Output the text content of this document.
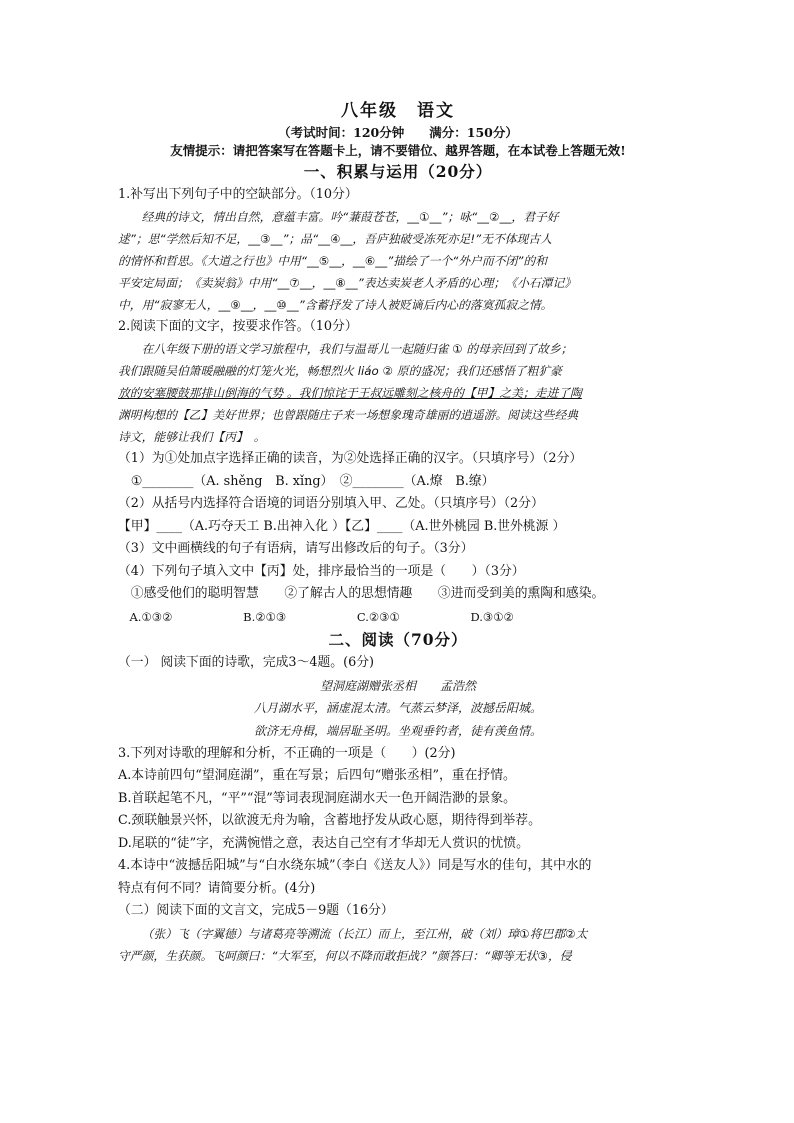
八年级　语文
（考试时间：120分钟　　满分：150分）
友情提示：请把答案写在答题卡上，请不要错位、越界答题，在本试卷上答题无效!
一、积累与运用（20分）
1.补写出下列句子中的空缺部分。（10分）
经典的诗文，情出自然，意蕴丰富。吟“蒹葭苍苍，__①__”；咏“__②__，君子好
逑”；思“学然后知不足，__③__”；品“__④__，吾庐独破受冻死亦足!”无不体现古人
的情怀和哲思。《大道之行也》中用“__⑤__，__⑥__”描绘了一个“外户而不闭”的和
平安定局面；《卖炭翁》中用“__⑦__，__⑧__”表达卖炭老人矛盾的心理；《小石潭记》
中，用“寂寥无人，__⑨__，__⑩__”含蓄抒发了诗人被贬谪后内心的落寞孤寂之情。
2.阅读下面的文字，按要求作答。（10分）
在八年级下册的语文学习旅程中，我们与温哥儿一起随归雀 ① 的母亲回到了故乡；
我们跟随吴伯箫暖融融的灯笼火光，畅想烈火 liáo ② 原的盛况；我们还感悟了粗犷豪
放的安塞腰鼓那排山倒海的气势 。我们惊诧于王叔远雕刻之核舟的【甲】之美；走进了陶
渊明构想的【乙】美好世界；也曾跟随庄子来一场想象瑰奇雄丽的逍遥游。阅读这些经典
诗文，能够让我们【丙】　。
（1）为①处加点字选择正确的读音，为②处选择正确的汉字。（只填序号）（2分）
①________（A. shěng　B. xǐng）　②________（A.燎　B.缭）
（2）从括号内选择符合语境的词语分别填入甲、乙处。（只填序号）（2分）
【甲】____（A.巧夺天工 B.出神入化 ）【乙】____（A.世外桃园 B.世外桃源 ）
（3）文中画横线的句子有语病，请写出修改后的句子。（3分）
（4）下列句子填入文中【丙】处，排序最恰当的一项是（　　）（3分）
①感受他们的聪明智慧　　②了解古人的思想情趣　　③进而受到美的熏陶和感染。
A.①③②	B.②①③	C.②③①	D.③①②
二、阅读（70分）
（一） 阅读下面的诗歌，完成3～4题。(6分)
望洞庭湖赠张丞相　　孟浩然
八月湖水平，涵虚混太清。气蒸云梦泽，波撼岳阳城。
欲济无舟楫，端居耻圣明。坐观垂钓者，徒有羡鱼情。
3.下列对诗歌的理解和分析，不正确的一项是（　　）(2分)
A.本诗前四句“望洞庭湖”，重在写景；后四句“赠张丞相”，重在抒情。
B.首联起笔不凡，“平”“混”等词表现洞庭湖水天一色开阔浩渺的景象。
C.颈联触景兴怀，以欲渡无舟为喻，含蓄地抒发从政心愿，期待得到举荐。
D.尾联的“徒”字，充满惋惜之意，表达自己空有才华却无人赏识的忧愤。
4.本诗中“波撼岳阳城”与“白水绕东城”（李白《送友人》）同是写水的佳句，其中水的
特点有何不同？请简要分析。(4分)
（二）阅读下面的文言文，完成5－9题（16分）
（张）飞（字翼德）与诸葛亮等溯流（长江）而上，至江州，破（刘）璋①将巴郡②太
守严颜，生获颜。飞呵颜曰：“大军至，何以不降而敢拒战？”颜答曰：“卿等无状③，侵
